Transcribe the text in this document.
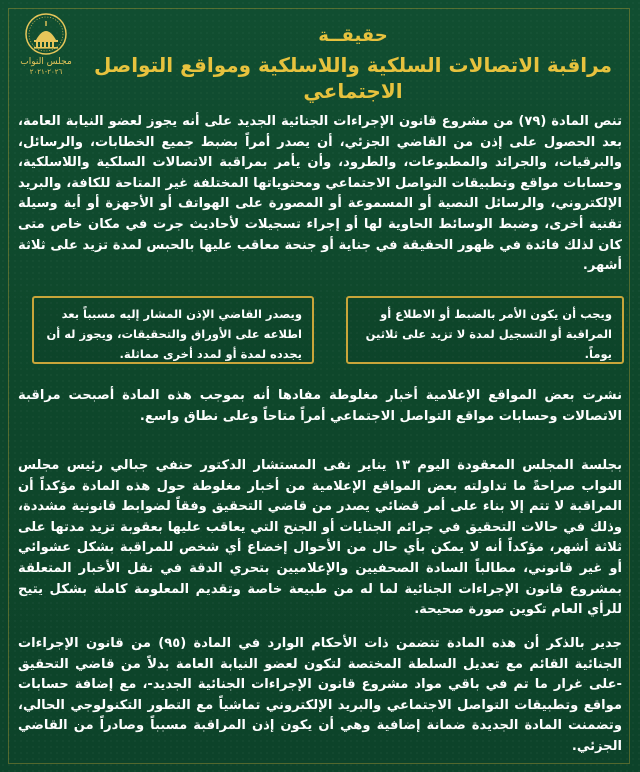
مجلس النواب
٢٠٢٦-٢٠٢١
حقيقــة
مراقبة الاتصالات السلكية واللاسلكية ومواقع التواصل الاجتماعي
تنص المادة (٧٩) من مشروع قانون الإجراءات الجنائية الجديد على أنه يجوز لعضو النيابة العامة، بعد الحصول على إذن من القاضي الجزئي، أن يصدر أمراً بضبط جميع الخطابات، والرسائل، والبرقيات، والجرائد والمطبوعات، والطرود، وأن يأمر بمراقبة الاتصالات السلكية واللاسلكية، وحسابات مواقع وتطبيقات التواصل الاجتماعي ومحتوياتها المختلفة غير المتاحة للكافة، والبريد الإلكتروني، والرسائل النصية أو المسموعة أو المصورة على الهواتف أو الأجهزة أو أية وسيلة تقنية أخرى، وضبط الوسائط الحاوية لها أو إجراء تسجيلات لأحاديث جرت في مكان خاص متى كان لذلك فائدة في ظهور الحقيقة في جناية أو جنحة معاقب عليها بالحبس لمدة تزيد على ثلاثة أشهر.
ويجب أن يكون الأمر بالضبط أو الاطلاع أو المراقبة أو التسجيل لمدة لا تزيد على ثلاثين يوماً.
ويصدر القاضي الإذن المشار إليه مسبباً بعد اطلاعه على الأوراق والتحقيقات، ويجوز له أن يجدده لمدة أو لمدد أخرى مماثلة.
نشرت بعض المواقع الإعلامية أخبار مغلوطة مفادها أنه بموجب هذه المادة أصبحت مراقبة الاتصالات وحسابات مواقع التواصل الاجتماعي أمراً متاحاً وعلى نطاق واسع.
بجلسة المجلس المعقودة اليوم ١٣ يناير نفى المستشار الدكتور حنفي جبالي رئيس مجلس النواب صراحةً ما تداولته بعض المواقع الإعلامية من أخبار مغلوطة حول هذه المادة مؤكداً أن المراقبة لا تتم إلا بناء على أمر قضائي يصدر من قاضي التحقيق وفقاً لضوابط قانونية مشددة، وذلك في حالات التحقيق في جرائم الجنايات أو الجنح التي يعاقب عليها بعقوبة تزيد مدتها على ثلاثة أشهر، مؤكداً أنه لا يمكن بأي حال من الأحوال إخضاع أي شخص للمراقبة بشكل عشوائي أو غير قانوني، مطالباً السادة الصحفيين والإعلاميين بتحري الدقة في نقل الأخبار المتعلقة بمشروع قانون الإجراءات الجنائية لما له من طبيعة خاصة وتقديم المعلومة كاملة بشكل يتيح للرأي العام تكوين صورة صحيحة.
جدير بالذكر أن هذه المادة تتضمن ذات الأحكام الوارد في المادة (٩٥) من قانون الإجراءات الجنائية القائم مع تعديل السلطة المختصة لتكون لعضو النيابة العامة بدلاً من قاضي التحقيق -على غرار ما تم في باقي مواد مشروع قانون الإجراءات الجنائية الجديد-، مع إضافة حسابات مواقع وتطبيقات التواصل الاجتماعي والبريد الإلكتروني تماشياً مع التطور التكنولوجي الحالي، وتضمنت المادة الجديدة ضمانة إضافية وهي أن يكون إذن المراقبة مسبباً وصادراً من القاضي الجزئي.
